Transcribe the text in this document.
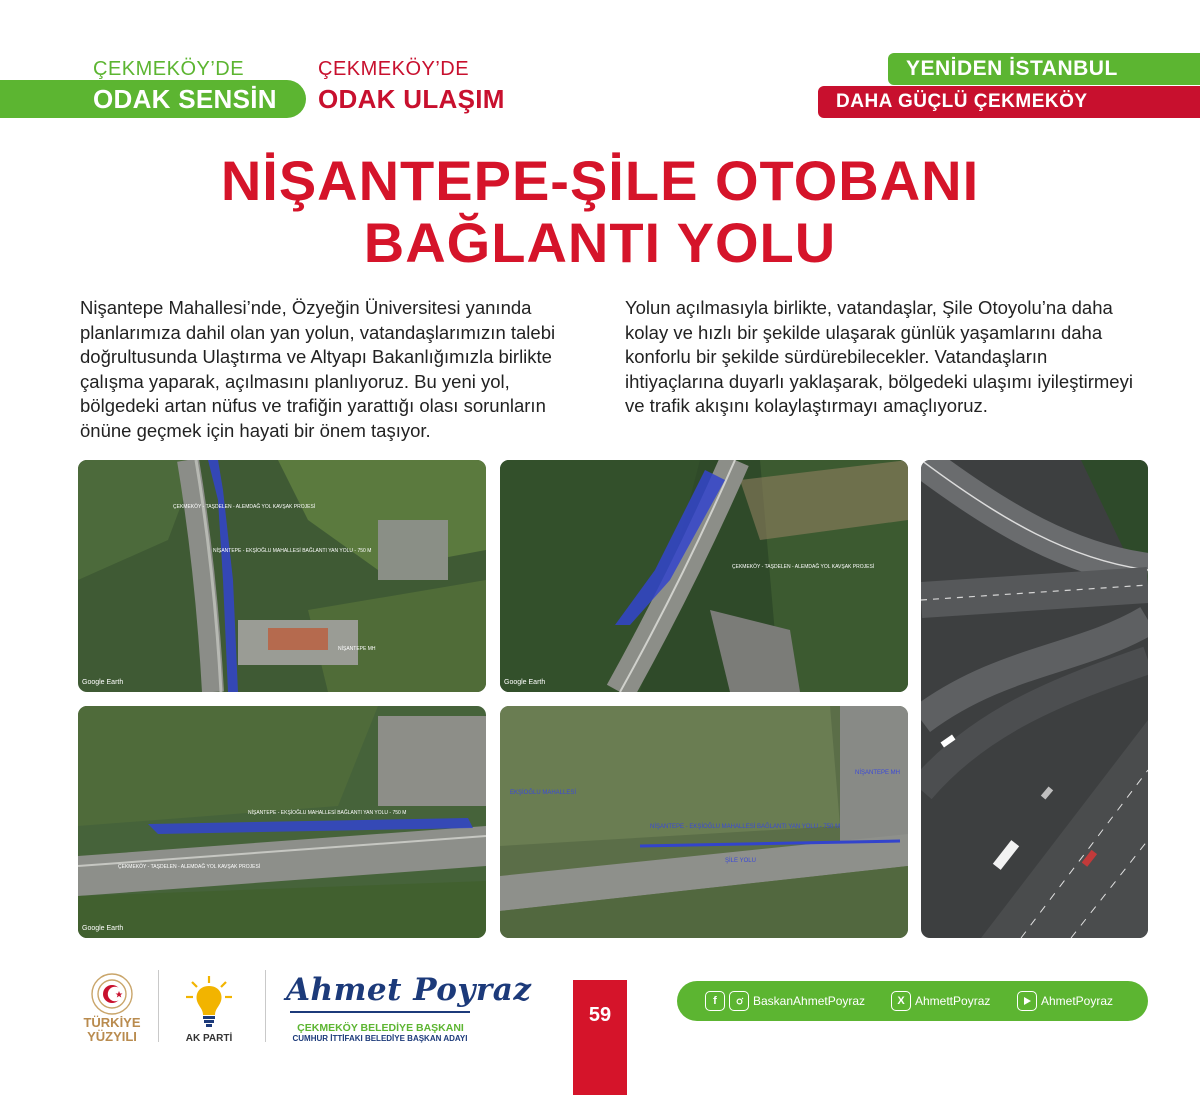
ÇEKMEKÖY’DE
ODAK SENSİN
ÇEKMEKÖY’DE
ODAK ULAŞIM
YENİDEN İSTANBUL
DAHA GÜÇLÜ ÇEKMEKÖY
NİŞANTEPE-ŞİLE OTOBANI
BAĞLANTI YOLU

Nişantepe Mahallesi’nde, Özyeğin Üniversitesi yanında planlarımıza dahil olan yan yolun, vatandaşlarımızın talebi doğrultusunda Ulaştırma ve Altyapı Bakanlığımızla birlikte çalışma yaparak, açılmasını planlıyoruz. Bu yeni yol, bölgedeki artan nüfus ve trafiğin yarattığı olası sorunların önüne geçmek için hayati bir önem taşıyor.

Yolun açılmasıyla birlikte, vatandaşlar, Şile Otoyolu’na daha kolay ve hızlı bir şekilde ulaşarak günlük yaşamlarını daha konforlu bir şekilde sürdürebilecekler. Vatandaşların ihtiyaçlarına duyarlı yaklaşarak, bölgedeki ulaşımı iyileştirmeyi ve trafik akışını kolaylaştırmayı amaçlıyoruz.

ÇEKMEKÖY - TAŞDELEN - ALEMDAĞ YOL KAVŞAK PROJESİ
NİŞANTEPE - EKŞİOĞLU MAHALLESİ BAĞLANTI YAN YOLU - 750 M
NİŞANTEPE MH
Google Earth
ÇEKMEKÖY - TAŞDELEN - ALEMDAĞ YOL KAVŞAK PROJESİ
Google Earth
NİŞANTEPE - EKŞİOĞLU MAHALLESİ BAĞLANTI YAN YOLU - 750 M
ÇEKMEKÖY - TAŞDELEN - ALEMDAĞ YOL KAVŞAK PROJESİ
Google Earth
NİŞANTEPE MH
EKŞİOĞLU MAHALLESİ
NİŞANTEPE - EKŞİOĞLU MAHALLESİ BAĞLANTI YAN YOLU - 750 M
ŞİLE YOLU
TÜRKİYE YÜZYILI	AK PARTİ
Ahmet Poyraz
ÇEKMEKÖY BELEDİYE BAŞKANI
CUMHUR İTTİFAKI BELEDİYE BAŞKAN ADAYI
59
f	BaskanAhmetPoyraz	X AhmettPoyraz	AhmetPoyraz
